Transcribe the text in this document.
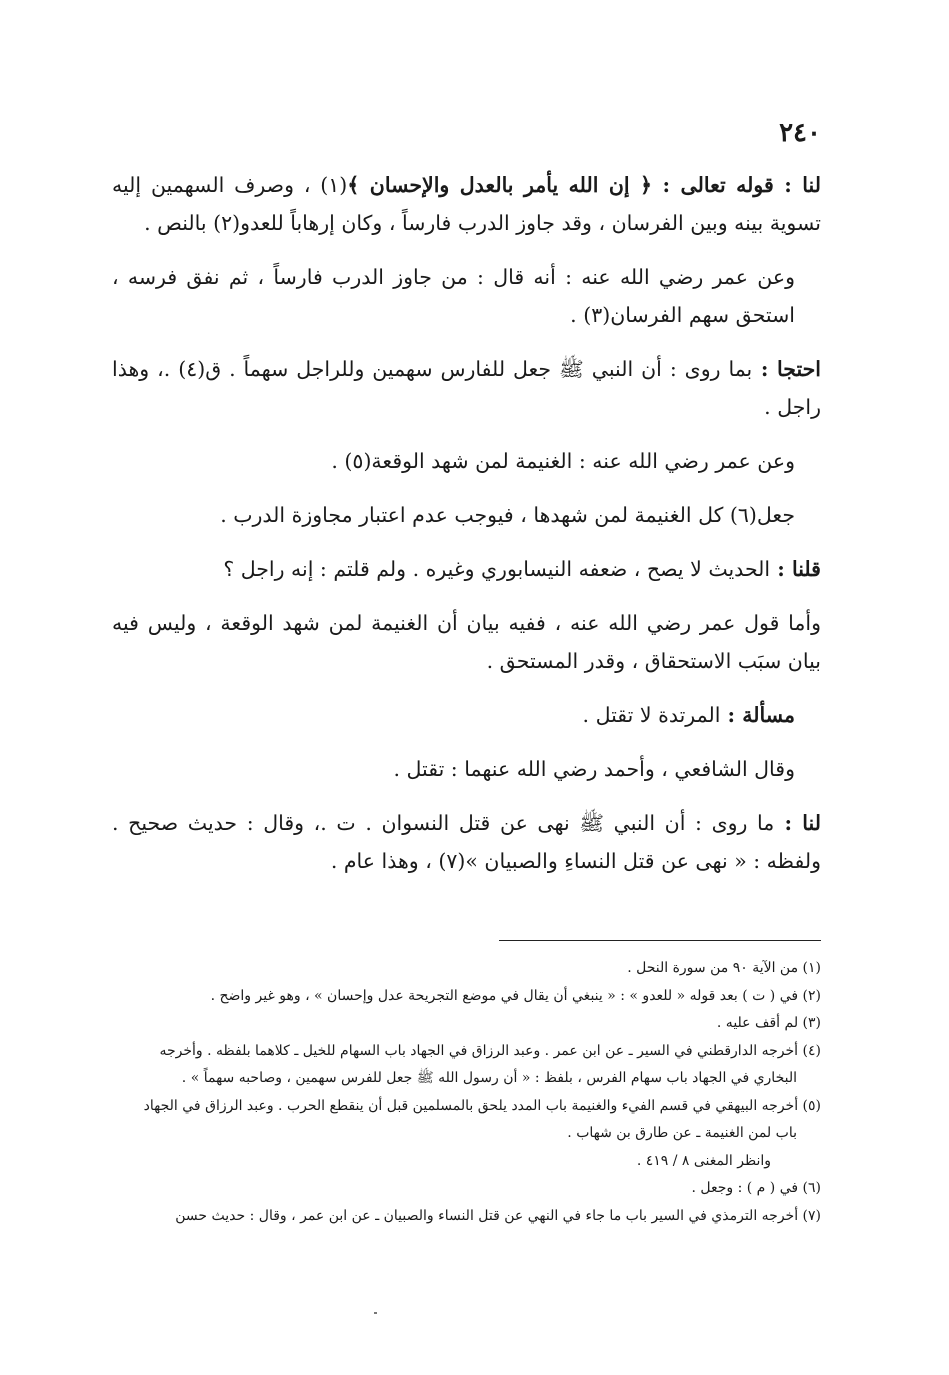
٢٤٠

لنا : قوله تعالى : ﴿ إن الله يأمر بالعدل والإحسان ﴾(١) ، وصرف السهمين إليه تسوية بينه وبين الفرسان ، وقد جاوز الدرب فارساً ، وكان إرهاباً للعدو(٢) بالنص .

وعن عمر رضي الله عنه : أنه قال : من جاوز الدرب فارساً ، ثم نفق فرسه ، استحق سهم الفرسان(٣) .

احتجا : بما روى : أن النبي ﷺ جعل للفارس سهمين وللراجل سهماً . ق(٤) .، وهذا راجل .

وعن عمر رضي الله عنه : الغنيمة لمن شهد الوقعة(٥) .

جعل(٦) كل الغنيمة لمن شهدها ، فيوجب عدم اعتبار مجاوزة الدرب .

قلنا : الحديث لا يصح ، ضعفه النيسابوري وغيره . ولم قلتم : إنه راجل ؟

وأما قول عمر رضي الله عنه ، ففيه بيان أن الغنيمة لمن شهد الوقعة ، وليس فيه بيان سبَب الاستحقاق ، وقدر المستحق .

مسألة : المرتدة لا تقتل .

وقال الشافعي ، وأحمد رضي الله عنهما : تقتل .

لنا : ما روى : أن النبي ﷺ نهى عن قتل النسوان . ت .، وقال : حديث صحيح . ولفظه : « نهى عن قتل النساءِ والصبيان »(٧) ، وهذا عام .

(١) من الآية ٩٠ من سورة النحل .

(٢) في ( ت ) بعد قوله « للعدو » : « ينبغي أن يقال في موضع التجريحة عدل وإحسان » ، وهو غير واضح .

(٣) لم أقف عليه .

(٤) أخرجه الدارقطني في السير ـ عن ابن عمر . وعبد الرزاق في الجهاد باب السهام للخيل ـ كلاهما بلفظه . وأخرجه

البخاري في الجهاد باب سهام الفرس ، بلفظ : « أن رسول الله ﷺ جعل للفرس سهمين ، وصاحبه سهماً » .

(٥) أخرجه البيهقي في قسم الفيء والغنيمة باب المدد يلحق بالمسلمين قبل أن ينقطع الحرب . وعبد الرزاق في الجهاد

باب لمن الغنيمة ـ عن طارق بن شهاب .

وانظر المغنى ٨ / ٤١٩ .

(٦) في ( م ) : وجعل .

(٧) أخرجه الترمذي في السير باب ما جاء في النهي عن قتل النساء والصبيان ـ عن ابن عمر ، وقال : حديث حسن
